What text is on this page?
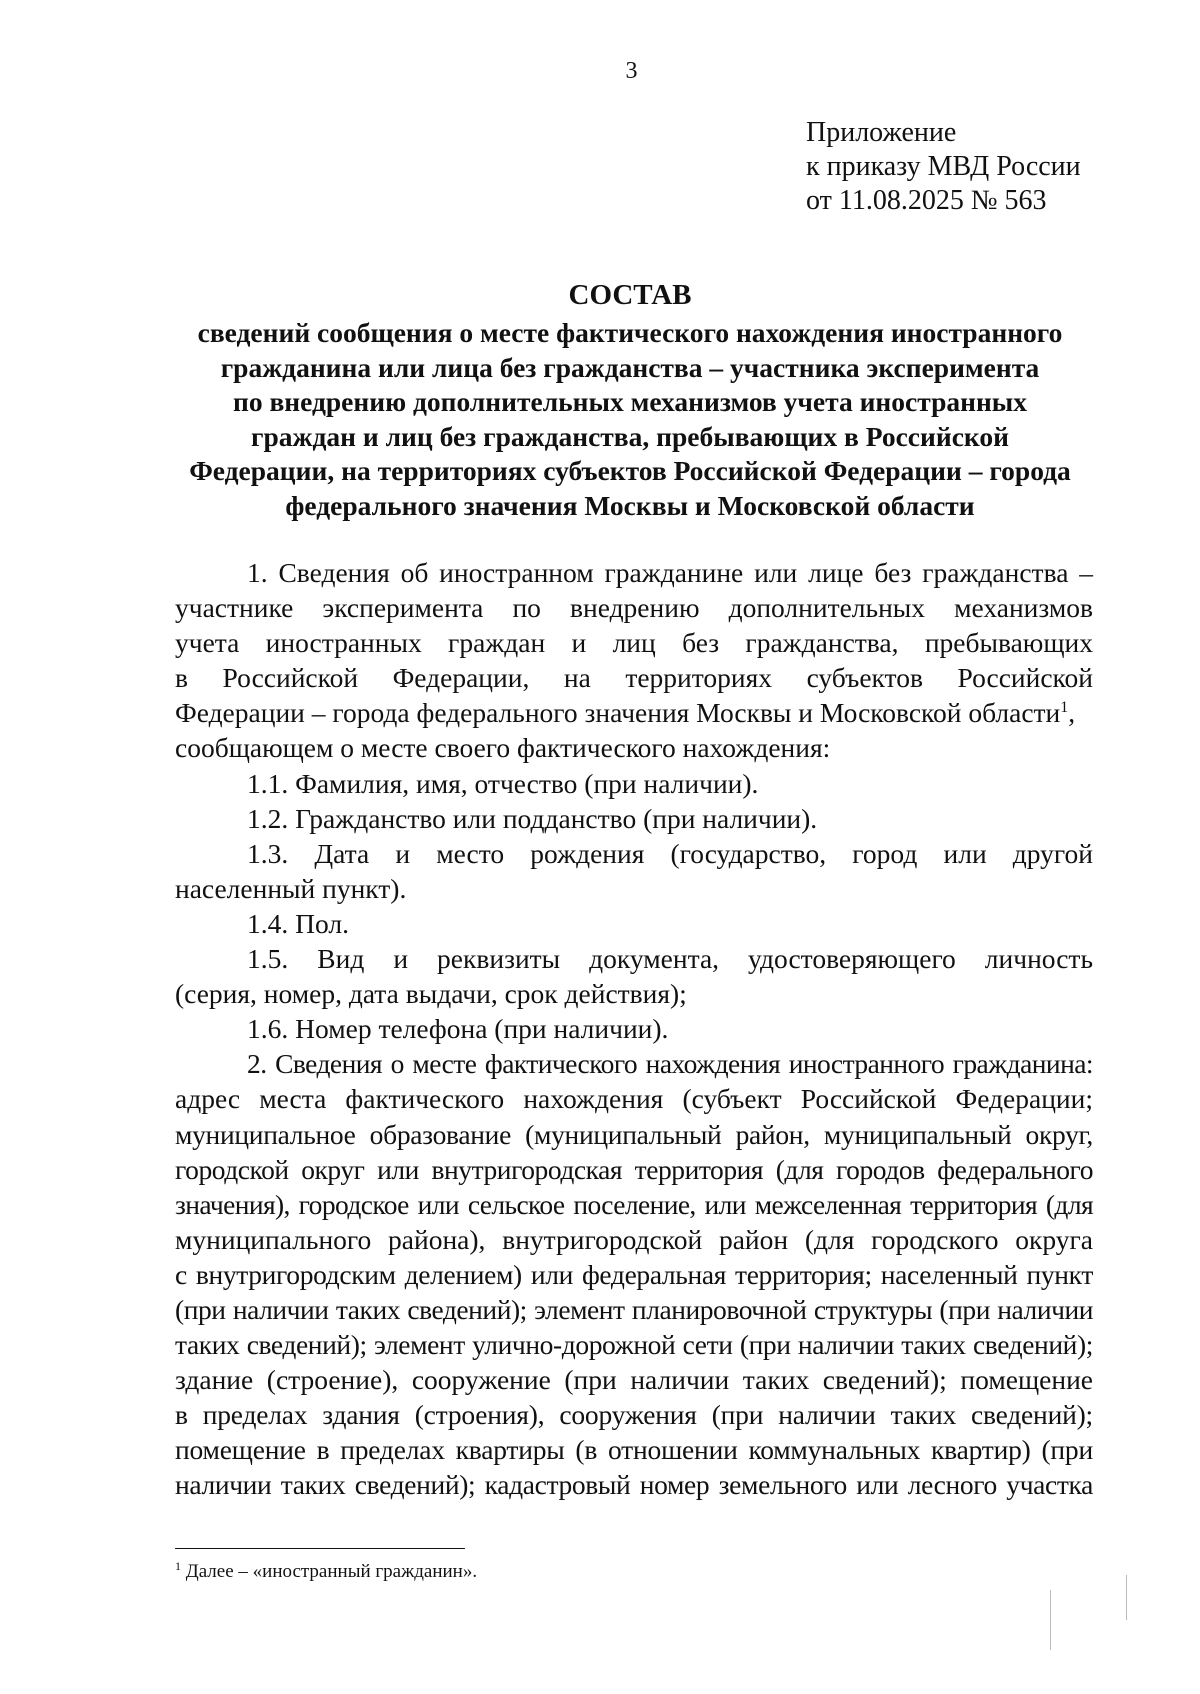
3
Приложение
к приказу МВД России
от 11.08.2025 № 563
СОСТАВ
сведений сообщения о месте фактического нахождения иностранного
гражданина или лица без гражданства – участника эксперимента
по внедрению дополнительных механизмов учета иностранных
граждан и лиц без гражданства, пребывающих в Российской
Федерации, на территориях субъектов Российской Федерации – города
федерального значения Москвы и Московской области
1. Сведения об иностранном гражданине или лице без гражданства –
участнике эксперимента по внедрению дополнительных механизмов
учета иностранных граждан и лиц без гражданства, пребывающих
в Российской Федерации, на территориях субъектов Российской
Федерации – города федерального значения Москвы и Московской области$^1$,
сообщающем о месте своего фактического нахождения:
1.1. Фамилия, имя, отчество (при наличии).
1.2. Гражданство или подданство (при наличии).
1.3. Дата и место рождения (государство, город или другой
населенный пункт).
1.4. Пол.
1.5. Вид и реквизиты документа, удостоверяющего личность
(серия, номер, дата выдачи, срок действия);
1.6. Номер телефона (при наличии).
2. Сведения о месте фактического нахождения иностранного гражданина:
адрес места фактического нахождения (субъект Российской Федерации;
муниципальное образование (муниципальный район, муниципальный округ,
городской округ или внутригородская территория (для городов федерального
значения), городское или сельское поселение, или межселенная территория (для
муниципального района), внутригородской район (для городского округа
с внутригородским делением) или федеральная территория; населенный пункт
(при наличии таких сведений); элемент планировочной структуры (при наличии
таких сведений); элемент улично-дорожной сети (при наличии таких сведений);
здание (строение), сооружение (при наличии таких сведений); помещение
в пределах здания (строения), сооружения (при наличии таких сведений);
помещение в пределах квартиры (в отношении коммунальных квартир) (при
наличии таких сведений); кадастровый номер земельного или лесного участка
$^1$ Далее – «иностранный гражданин».
